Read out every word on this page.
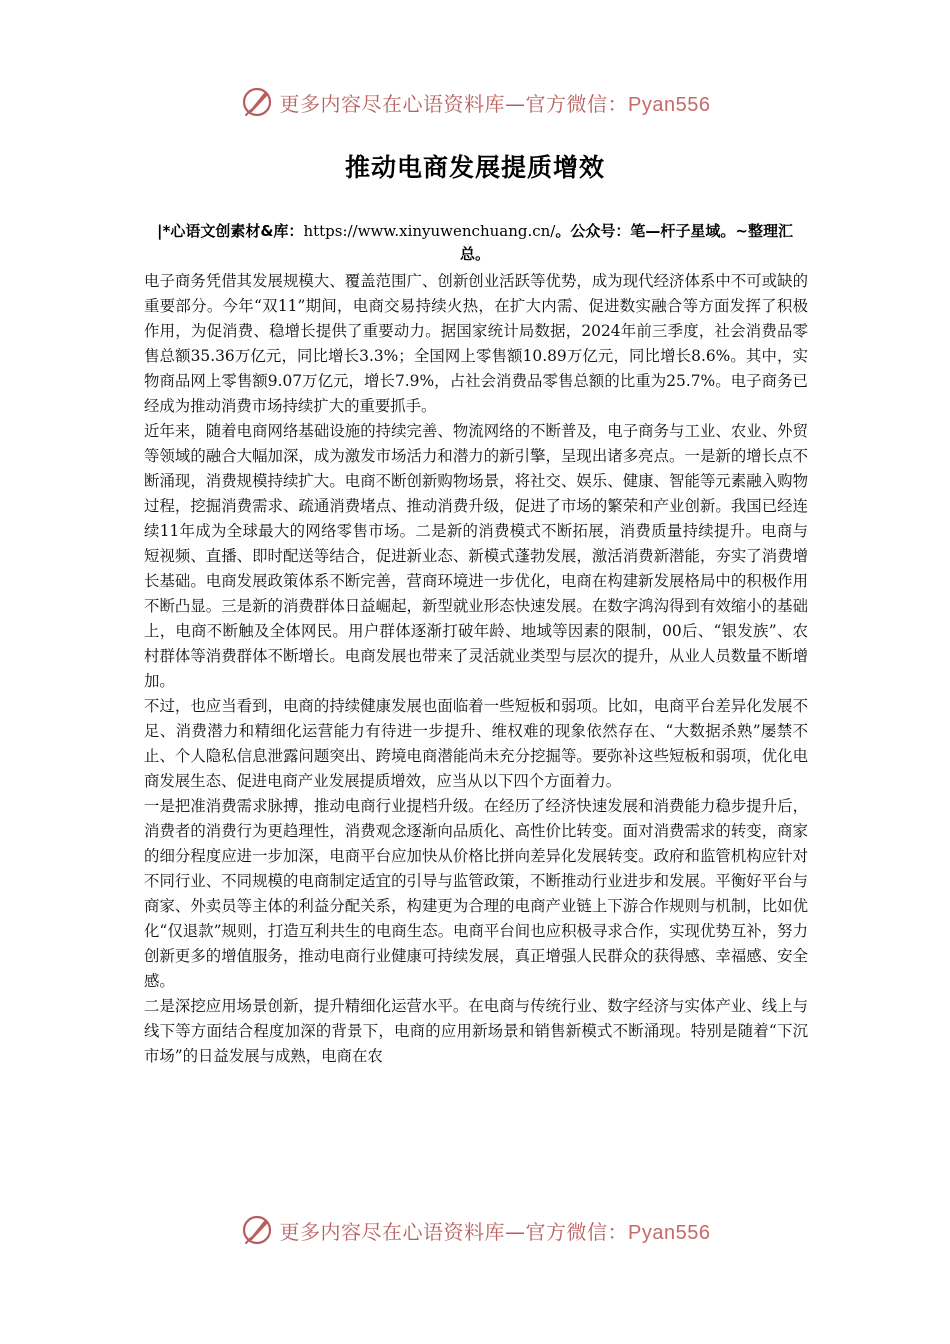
更多内容尽在心语资料库—官方微信：Pyan556
推动电商发展提质增效
|*心语文创素材&库：https://www.xinyuwenchuang.cn/。公众号：笔—杆子星域。~整理汇总。

电子商务凭借其发展规模大、覆盖范围广、创新创业活跃等优势，成为现代经济体系中不可或缺的重要部分。今年“双11”期间，电商交易持续火热，在扩大内需、促进数实融合等方面发挥了积极作用，为促消费、稳增长提供了重要动力。据国家统计局数据，2024年前三季度，社会消费品零售总额35.36万亿元，同比增长3.3%；全国网上零售额10.89万亿元，同比增长8.6%。其中，实物商品网上零售额9.07万亿元，增长7.9%，占社会消费品零售总额的比重为25.7%。电子商务已经成为推动消费市场持续扩大的重要抓手。

近年来，随着电商网络基础设施的持续完善、物流网络的不断普及，电子商务与工业、农业、外贸等领域的融合大幅加深，成为激发市场活力和潜力的新引擎，呈现出诸多亮点。一是新的增长点不断涌现，消费规模持续扩大。电商不断创新购物场景，将社交、娱乐、健康、智能等元素融入购物过程，挖掘消费需求、疏通消费堵点、推动消费升级，促进了市场的繁荣和产业创新。我国已经连续11年成为全球最大的网络零售市场。二是新的消费模式不断拓展，消费质量持续提升。电商与短视频、直播、即时配送等结合，促进新业态、新模式蓬勃发展，激活消费新潜能，夯实了消费增长基础。电商发展政策体系不断完善，营商环境进一步优化，电商在构建新发展格局中的积极作用不断凸显。三是新的消费群体日益崛起，新型就业形态快速发展。在数字鸿沟得到有效缩小的基础上，电商不断触及全体网民。用户群体逐渐打破年龄、地域等因素的限制，00后、“银发族”、农村群体等消费群体不断增长。电商发展也带来了灵活就业类型与层次的提升，从业人员数量不断增加。

不过，也应当看到，电商的持续健康发展也面临着一些短板和弱项。比如，电商平台差异化发展不足、消费潜力和精细化运营能力有待进一步提升、维权难的现象依然存在、“大数据杀熟”屡禁不止、个人隐私信息泄露问题突出、跨境电商潜能尚未充分挖掘等。要弥补这些短板和弱项，优化电商发展生态、促进电商产业发展提质增效，应当从以下四个方面着力。

一是把准消费需求脉搏，推动电商行业提档升级。在经历了经济快速发展和消费能力稳步提升后，消费者的消费行为更趋理性，消费观念逐渐向品质化、高性价比转变。面对消费需求的转变，商家的细分程度应进一步加深，电商平台应加快从价格比拼向差异化发展转变。政府和监管机构应针对不同行业、不同规模的电商制定适宜的引导与监管政策，不断推动行业进步和发展。平衡好平台与商家、外卖员等主体的利益分配关系，构建更为合理的电商产业链上下游合作规则与机制，比如优化“仅退款”规则，打造互利共生的电商生态。电商平台间也应积极寻求合作，实现优势互补，努力创新更多的增值服务，推动电商行业健康可持续发展，真正增强人民群众的获得感、幸福感、安全感。

二是深挖应用场景创新，提升精细化运营水平。在电商与传统行业、数字经济与实体产业、线上与线下等方面结合程度加深的背景下，电商的应用新场景和销售新模式不断涌现。特别是随着“下沉市场”的日益发展与成熟，电商在农

更多内容尽在心语资料库—官方微信：Pyan556
